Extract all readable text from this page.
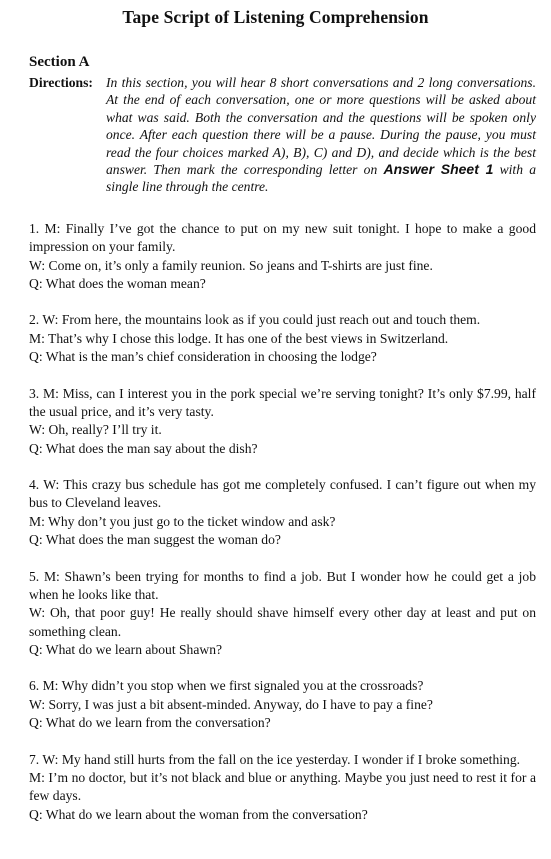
Tape Script of Listening Comprehension
Section A
Directions: In this section, you will hear 8 short conversations and 2 long conversations. At the end of each conversation, one or more questions will be asked about what was said. Both the conversation and the questions will be spoken only once. After each question there will be a pause. During the pause, you must read the four choices marked A), B), C) and D), and decide which is the best answer. Then mark the corresponding letter on Answer Sheet 1 with a single line through the centre.
1. M: Finally I’ve got the chance to put on my new suit tonight. I hope to make a good impression on your family.
W: Come on, it’s only a family reunion. So jeans and T-shirts are just fine.
Q: What does the woman mean?
2. W: From here, the mountains look as if you could just reach out and touch them.
M: That’s why I chose this lodge. It has one of the best views in Switzerland.
Q: What is the man’s chief consideration in choosing the lodge?
3. M: Miss, can I interest you in the pork special we’re serving tonight? It’s only $7.99, half the usual price, and it’s very tasty.
W: Oh, really? I’ll try it.
Q: What does the man say about the dish?
4. W: This crazy bus schedule has got me completely confused. I can’t figure out when my bus to Cleveland leaves.
M: Why don’t you just go to the ticket window and ask?
Q: What does the man suggest the woman do?
5. M: Shawn’s been trying for months to find a job. But I wonder how he could get a job when he looks like that.
W: Oh, that poor guy! He really should shave himself every other day at least and put on something clean.
Q: What do we learn about Shawn?
6. M: Why didn’t you stop when we first signaled you at the crossroads?
W: Sorry, I was just a bit absent-minded. Anyway, do I have to pay a fine?
Q: What do we learn from the conversation?
7. W: My hand still hurts from the fall on the ice yesterday. I wonder if I broke something.
M: I’m no doctor, but it’s not black and blue or anything. Maybe you just need to rest it for a few days.
Q: What do we learn about the woman from the conversation?
